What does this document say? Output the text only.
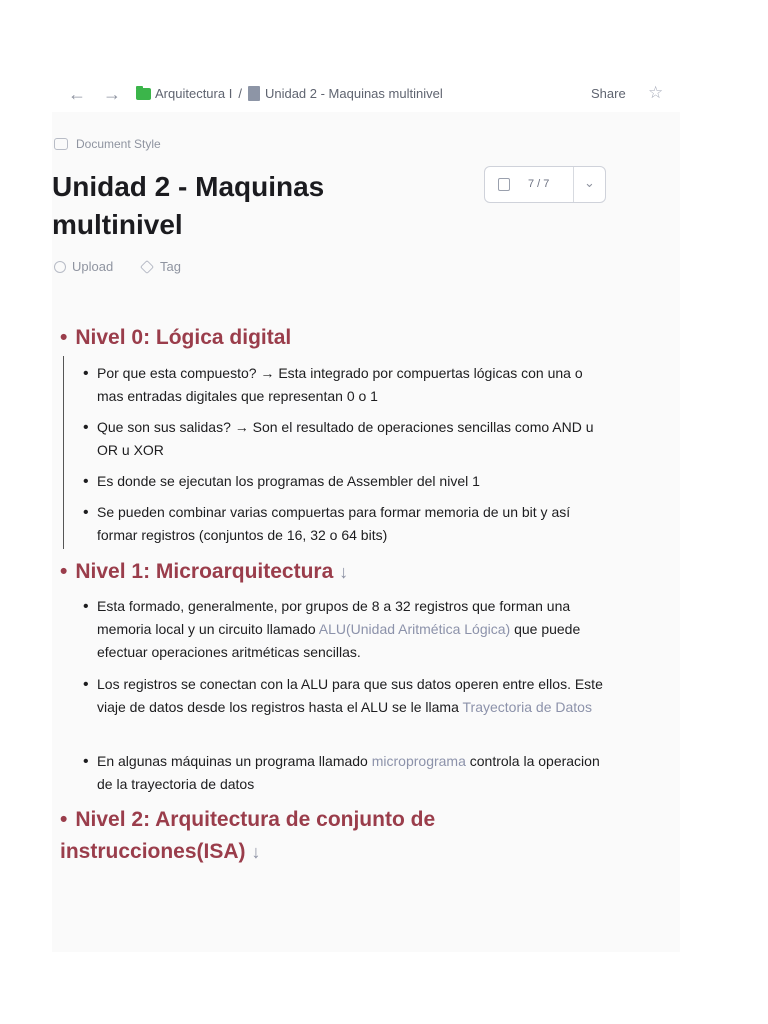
← →	Arquitectura I / Unidad 2 - Maquinas multinivel	Share ☆
Document Style
Unidad 2 - Maquinas multinivel
7 / 7	⌄
Upload	Tag
• Nivel 0: Lógica digital
• Por que esta compuesto? → Esta integrado por compuertas lógicas con una o mas entradas digitales que representan 0 o 1
• Que son sus salidas? → Son el resultado de operaciones sencillas como AND u OR u XOR
• Es donde se ejecutan los programas de Assembler del nivel 1
• Se pueden combinar varias compuertas para formar memoria de un bit y así formar registros (conjuntos de 16, 32 o 64 bits)
• Nivel 1: Microarquitectura ↓
• Esta formado, generalmente, por grupos de 8 a 32 registros que forman una memoria local y un circuito llamado ALU(Unidad Aritmética Lógica) que puede efectuar operaciones aritméticas sencillas.
• Los registros se conectan con la ALU para que sus datos operen entre ellos. Este viaje de datos desde los registros hasta el ALU se le llama Trayectoria de Datos
• En algunas máquinas un programa llamado microprograma controla la operacion de la trayectoria de datos
• Nivel 2: Arquitectura de conjunto de instrucciones(ISA) ↓
